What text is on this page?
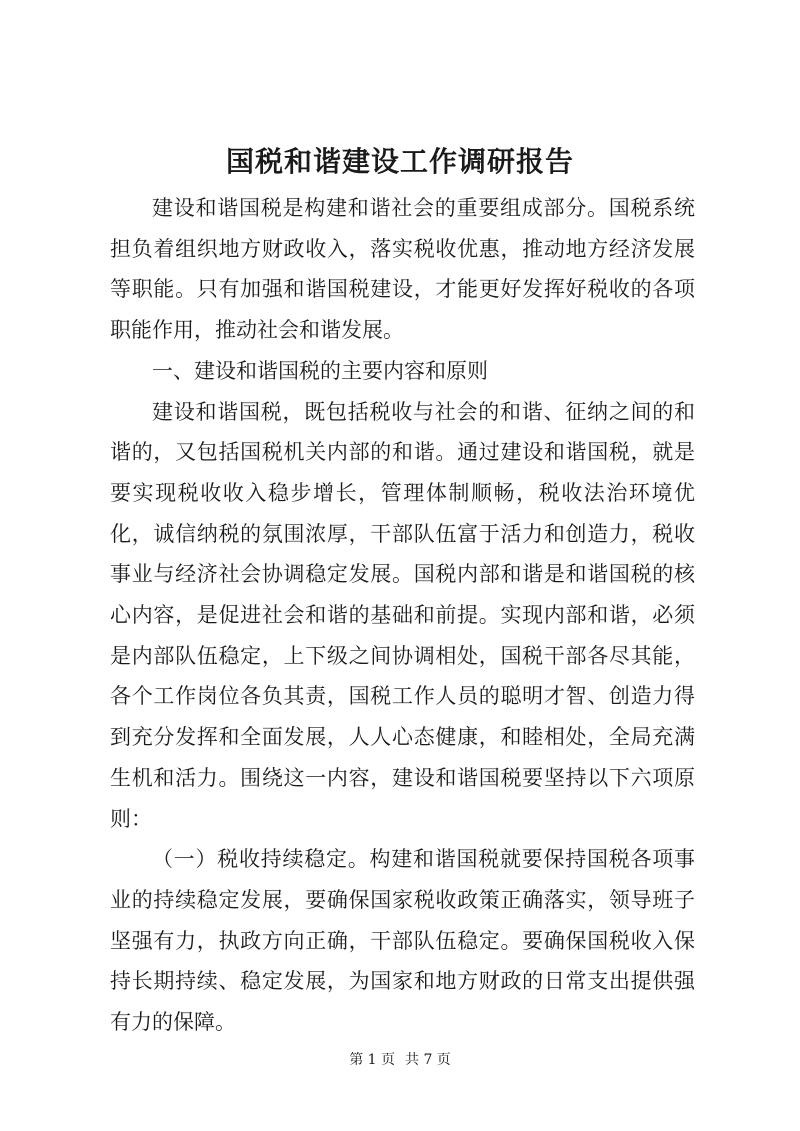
国税和谐建设工作调研报告

建设和谐国税是构建和谐社会的重要组成部分。国税系统担负着组织地方财政收入，落实税收优惠，推动地方经济发展等职能。只有加强和谐国税建设，才能更好发挥好税收的各项职能作用，推动社会和谐发展。

一、建设和谐国税的主要内容和原则

建设和谐国税，既包括税收与社会的和谐、征纳之间的和谐的，又包括国税机关内部的和谐。通过建设和谐国税，就是要实现税收收入稳步增长，管理体制顺畅，税收法治环境优化，诚信纳税的氛围浓厚，干部队伍富于活力和创造力，税收事业与经济社会协调稳定发展。国税内部和谐是和谐国税的核心内容，是促进社会和谐的基础和前提。实现内部和谐，必须是内部队伍稳定，上下级之间协调相处，国税干部各尽其能，各个工作岗位各负其责，国税工作人员的聪明才智、创造力得到充分发挥和全面发展，人人心态健康，和睦相处，全局充满生机和活力。围绕这一内容，建设和谐国税要坚持以下六项原则：

（一）税收持续稳定。构建和谐国税就要保持国税各项事业的持续稳定发展，要确保国家税收政策正确落实，领导班子坚强有力，执政方向正确，干部队伍稳定。要确保国税收入保持长期持续、稳定发展，为国家和地方财政的日常支出提供强有力的保障。

第 1 页 共 7 页
